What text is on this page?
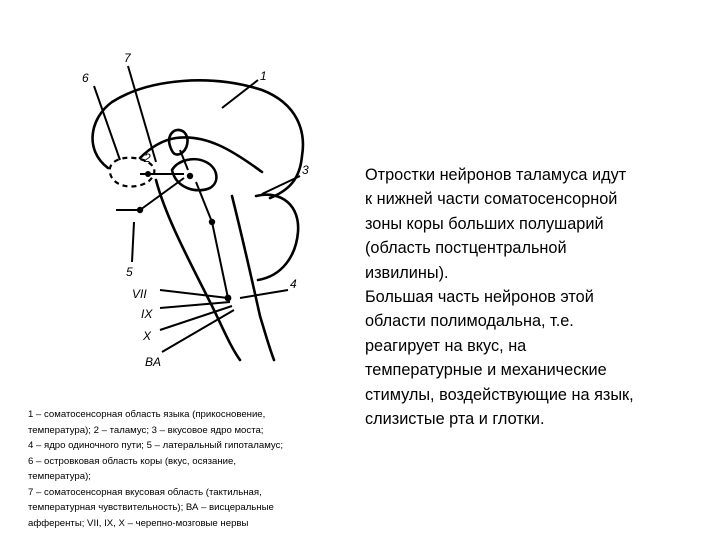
1
2
3
4
5
6
7
VII
IX
X
BA

1 – соматосенсорная область языка (прикосновение,

температура); 2 – таламус; 3 – вкусовое ядро моста;

4 – ядро одиночного пути; 5 – латеральный гипоталамус;

6 – островковая область коры (вкус, осязание,

температура);

7 – соматосенсорная вкусовая область (тактильная,

температурная чувствительность); ВА – висцеральные

афференты; VII, IX, X – черепно-мозговые нервы

Отростки нейронов таламуса идут

к нижней части соматосенсорной

зоны коры больших полушарий

(область постцентральной

извилины).

Большая часть нейронов этой

области полимодальна, т.е.

реагирует на вкус, на

температурные и механические

стимулы, воздействующие на язык,

слизистые рта и глотки.
